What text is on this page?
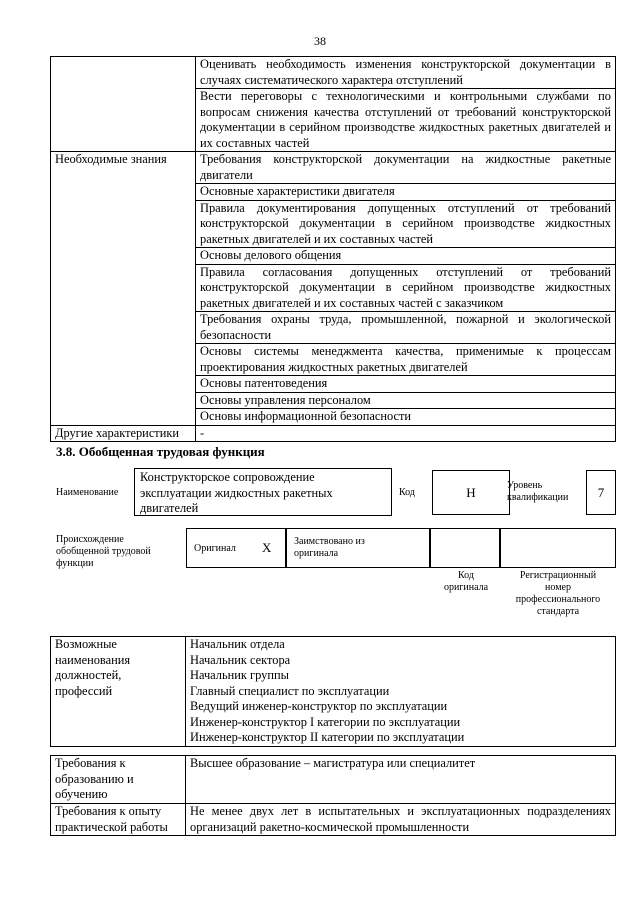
38
	Оценивать необходимость изменения конструкторской документации в случаях систематического характера отступлений
	Вести переговоры с технологическими и контрольными службами по вопросам снижения качества отступлений от требований конструкторской документации в серийном производстве жидкостных ракетных двигателей и их составных частей
Необходимые знания	Требования конструкторской документации на жидкостные ракетные двигатели
	Основные характеристики двигателя
	Правила документирования допущенных отступлений от требований конструкторской документации в серийном производстве жидкостных ракетных двигателей и их составных частей
	Основы делового общения
	Правила согласования допущенных отступлений от требований конструкторской документации в серийном производстве жидкостных ракетных двигателей и их составных частей с заказчиком
	Требования охраны труда, промышленной, пожарной и экологической безопасности
	Основы системы менеджмента качества, применимые к процессам проектирования жидкостных ракетных двигателей
	Основы патентоведения
	Основы управления персоналом
	Основы информационной безопасности
Другие характеристики	-
3.8. Обобщенная трудовая функция
Наименование
Конструкторское сопровождение эксплуатации жидкостных ракетных двигателей
Код	H	Уровень квалификации	7
Происхождение обобщенной трудовой функции
Оригинал X Заимствовано из оригинала
Код оригинала
Регистрационный номер профессионального стандарта
Возможные наименования должностей, профессий	Начальник отдела
Начальник сектора
Начальник группы
Главный специалист по эксплуатации
Ведущий инженер-конструктор по эксплуатации
Инженер-конструктор I категории по эксплуатации
Инженер-конструктор II категории по эксплуатации
Требования к образованию и обучению	Высшее образование – магистратура или специалитет
Требования к опыту практической работы	Не менее двух лет в испытательных и эксплуатационных подразделениях организаций ракетно-космической промышленности
